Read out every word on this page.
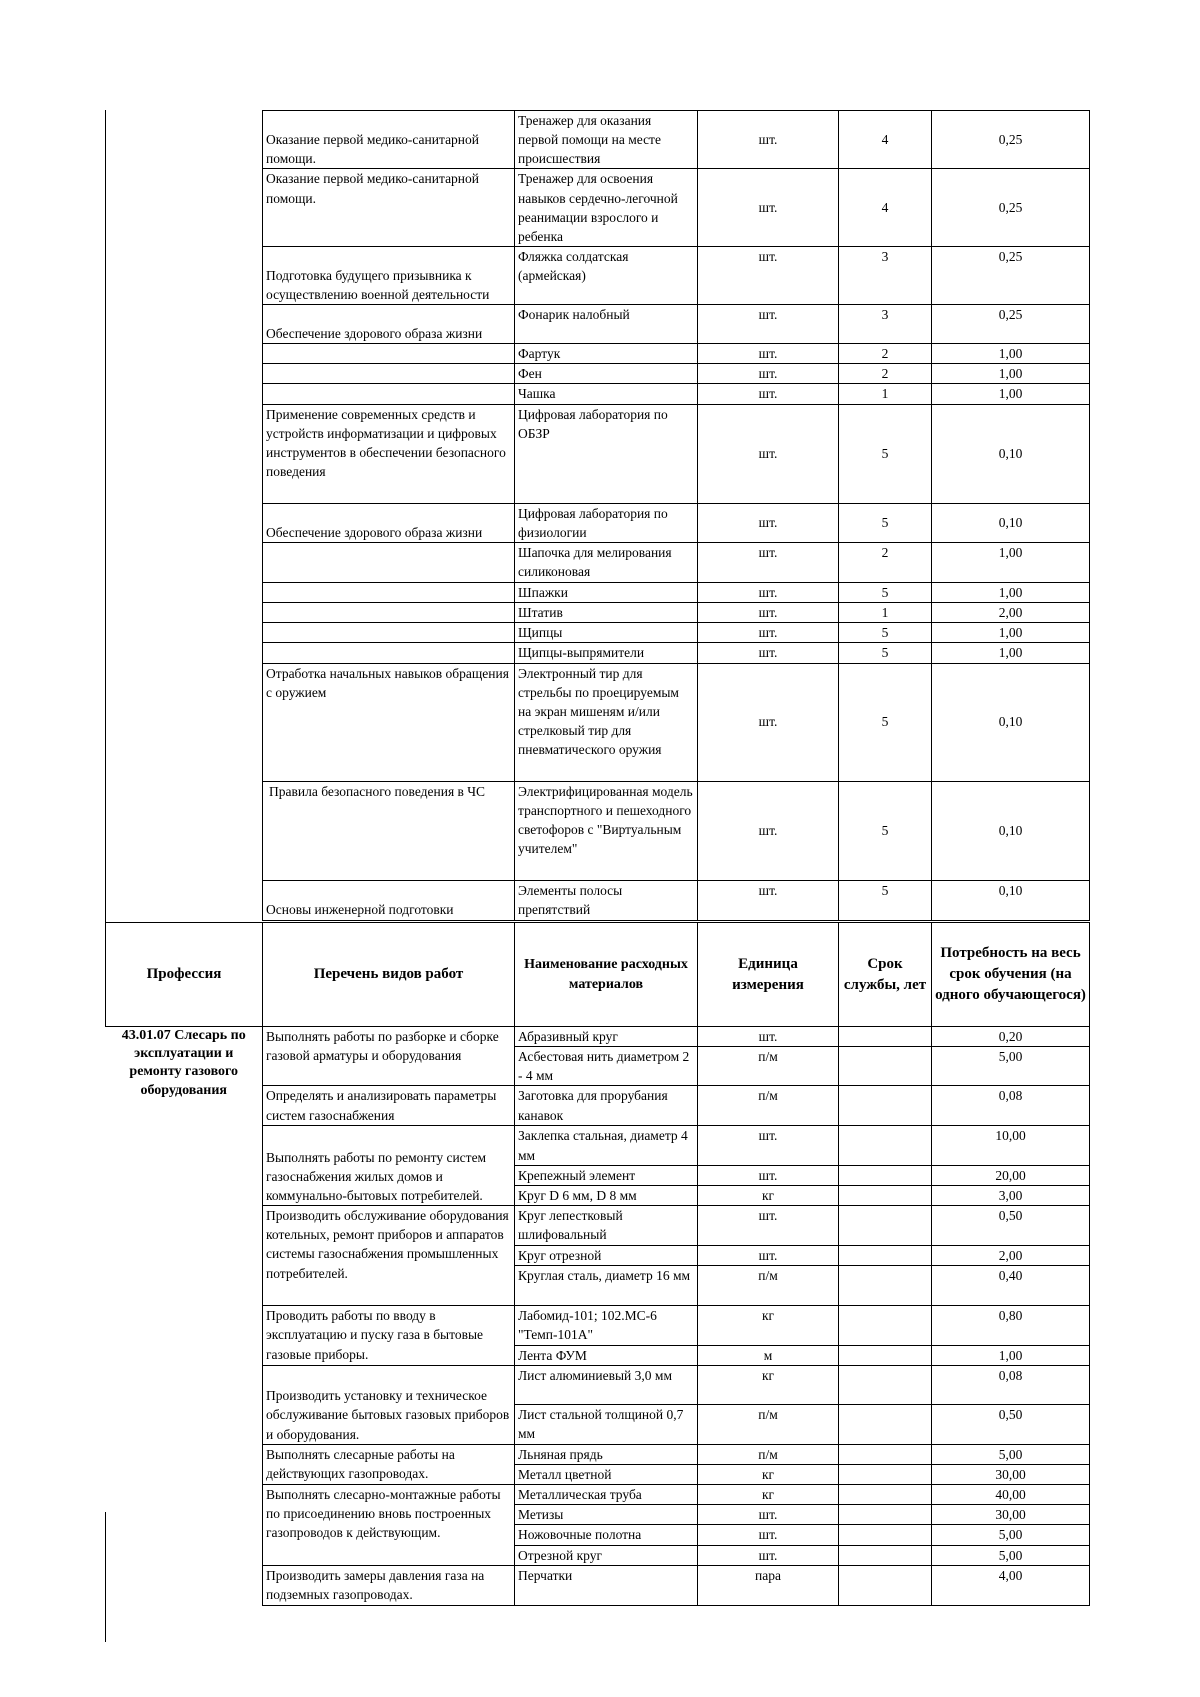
Оказание первой медико-санитарной помощи.	Тренажер для оказания первой помощи на месте происшествия	шт.	4	0,25
Оказание первой медико-санитарной помощи.	Тренажер для освоения навыков сердечно-легочной реанимации взрослого и ребенка	шт.	4	0,25
Подготовка будущего призывника к осуществлению военной деятельности	Фляжка солдатская (армейская)	шт.	3	0,25
Обеспечение здорового образа жизни	Фонарик налобный	шт.	3	0,25
	Фартук	шт.	2	1,00
	Фен	шт.	2	1,00
	Чашка	шт.	1	1,00
Применение современных средств и устройств информатизации и цифровых инструментов в обеспечении безопасного поведения	Цифровая лаборатория по ОБЗР	шт.	5	0,10
Обеспечение здорового образа жизни	Цифровая лаборатория по физиологии	шт.	5	0,10
	Шапочка для мелирования силиконовая	шт.	2	1,00
	Шпажки	шт.	5	1,00
	Штатив	шт.	1	2,00
	Щипцы	шт.	5	1,00
	Щипцы-выпрямители	шт.	5	1,00
Отработка начальных навыков обращения с оружием	Электронный тир для стрельбы по проецируемым на экран мишеням и/или стрелковый тир для пневматического оружия	шт.	5	0,10
Правила безопасного поведения в ЧС	Электрифицированная модель транспортного и пешеходного светофоров с "Виртуальным учителем"	шт.	5	0,10
Основы инженерной подготовки	Элементы полосы препятствий	шт.	5	0,10
Профессия	Перечень видов работ	Наименование расходных материалов	Единица измерения	Срок службы, лет	Потребность на весь срок обучения (на одного обучающегося)
43.01.07 Слесарь по эксплуатации и ремонту газового оборудования	Выполнять работы по разборке и сборке газовой арматуры и оборудования	Абразивный круг	шт.		0,20
		Асбестовая нить диаметром 2 - 4 мм	п/м		5,00
	Определять и анализировать параметры систем газоснабжения	Заготовка для прорубания канавок	п/м		0,08
	Выполнять работы по ремонту систем газоснабжения жилых домов и коммунально-бытовых потребителей.	Заклепка стальная, диаметр 4 мм	шт.		10,00
		Крепежный элемент	шт.		20,00
		Круг D 6 мм, D 8 мм	кг		3,00
	Производить обслуживание оборудования котельных, ремонт приборов и аппаратов системы газоснабжения промышленных потребителей.	Круг лепестковый шлифовальный	шт.		0,50
		Круг отрезной	шт.		2,00
		Круглая сталь, диаметр 16 мм	п/м		0,40
	Проводить работы по вводу в эксплуатацию и пуску газа в бытовые газовые приборы.	Лабомид-101; 102.МС-6 "Темп-101А"	кг		0,80
		Лента ФУМ	м		1,00
	Производить установку и техническое обслуживание бытовых газовых приборов и оборудования.	Лист алюминиевый 3,0 мм	кг		0,08
		Лист стальной толщиной 0,7 мм	п/м		0,50
	Выполнять слесарные работы на действующих газопроводах.	Льняная прядь	п/м		5,00
		Металл цветной	кг		30,00
	Выполнять слесарно-монтажные работы по присоединению вновь построенных газопроводов к действующим.	Металлическая труба	кг		40,00
		Метизы	шт.		30,00
		Ножовочные полотна	шт.		5,00
		Отрезной круг	шт.		5,00
	Производить замеры давления газа на подземных газопроводах.	Перчатки	пара		4,00
